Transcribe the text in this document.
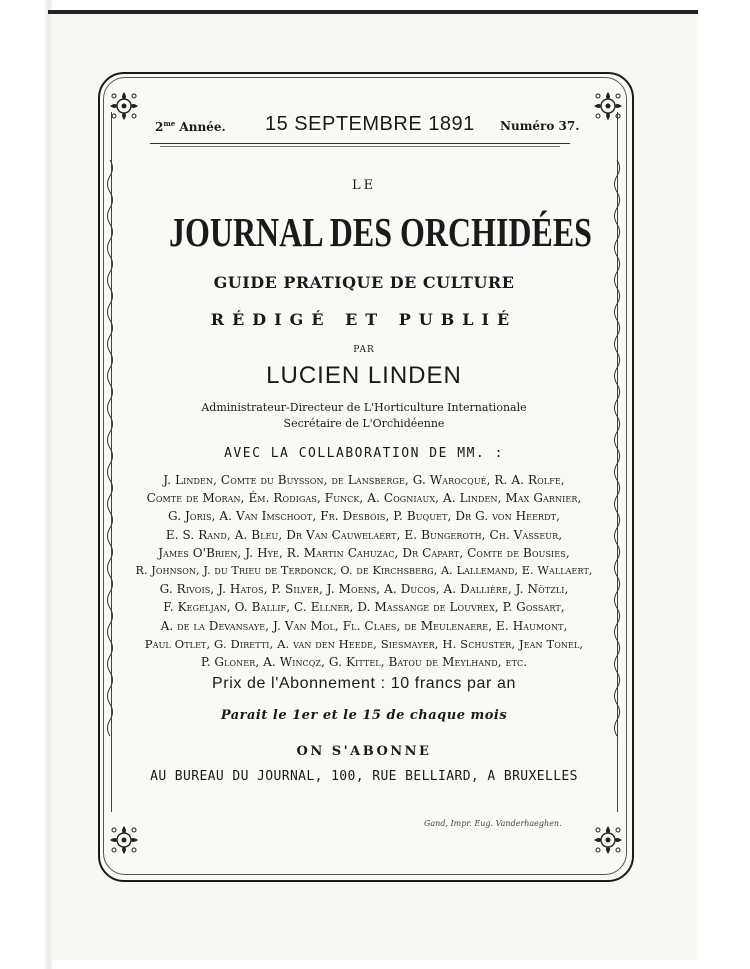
$2^{me}$ Année. 15 SEPTEMBRE 1891 Numéro 37.
LE
JOURNAL DES ORCHIDÉES
GUIDE PRATIQUE DE CULTURE
RÉDIGÉ ET PUBLIÉ
PAR
LUCIEN LINDEN
Administrateur-Directeur de L'Horticulture Internationale
Secrétaire de L'Orchidéenne
AVEC LA COLLABORATION DE MM. :
J. Linden, Comte du Buysson, de Lansberge, G. Warocqué, R. A. Rolfe,
Comte de Moran, Ém. Rodigas, Funck, A. Cogniaux, A. Linden, Max Garnier,
G. Joris, A. Van Imschoot, Fr. Desbois, P. Buquet, Dr G. von Heerdt,
E. S. Rand, A. Bleu, Dr Van Cauwelaert, E. Bungeroth, Ch. Vasseur,
James O'Brien, J. Hye, R. Martin Cahuzac, Dr Capart, Comte de Bousies,
R. Johnson, J. du Trieu de Terdonck, O. de Kirchsberg, A. Lallemand, E. Wallaert,
G. Rivois, J. Hatos, P. Silver, J. Moens, A. Ducos, A. Dallière, J. Nötzli,
F. Kegeljan, O. Ballif, C. Ellner, D. Massange de Louvrex, P. Gossart,
A. de la Devansaye, J. Van Mol, Fl. Claes, de Meulenaere, E. Haumont,
Paul Otlet, G. Diretti, A. van den Heede, Siesmayer, H. Schuster, Jean Tonel,
Prix de l'Abonnement : 10 francs par an
Parait le 1er et le 15 de chaque mois
ON S'ABONNE
AU BUREAU DU JOURNAL, 100, RUE BELLIARD, A BRUXELLES
Gand, Impr. Eug. Vanderhaeghen.
P. Gloner, A. Wincqz, G. Kittel, Batou de Meylhand, etc.
